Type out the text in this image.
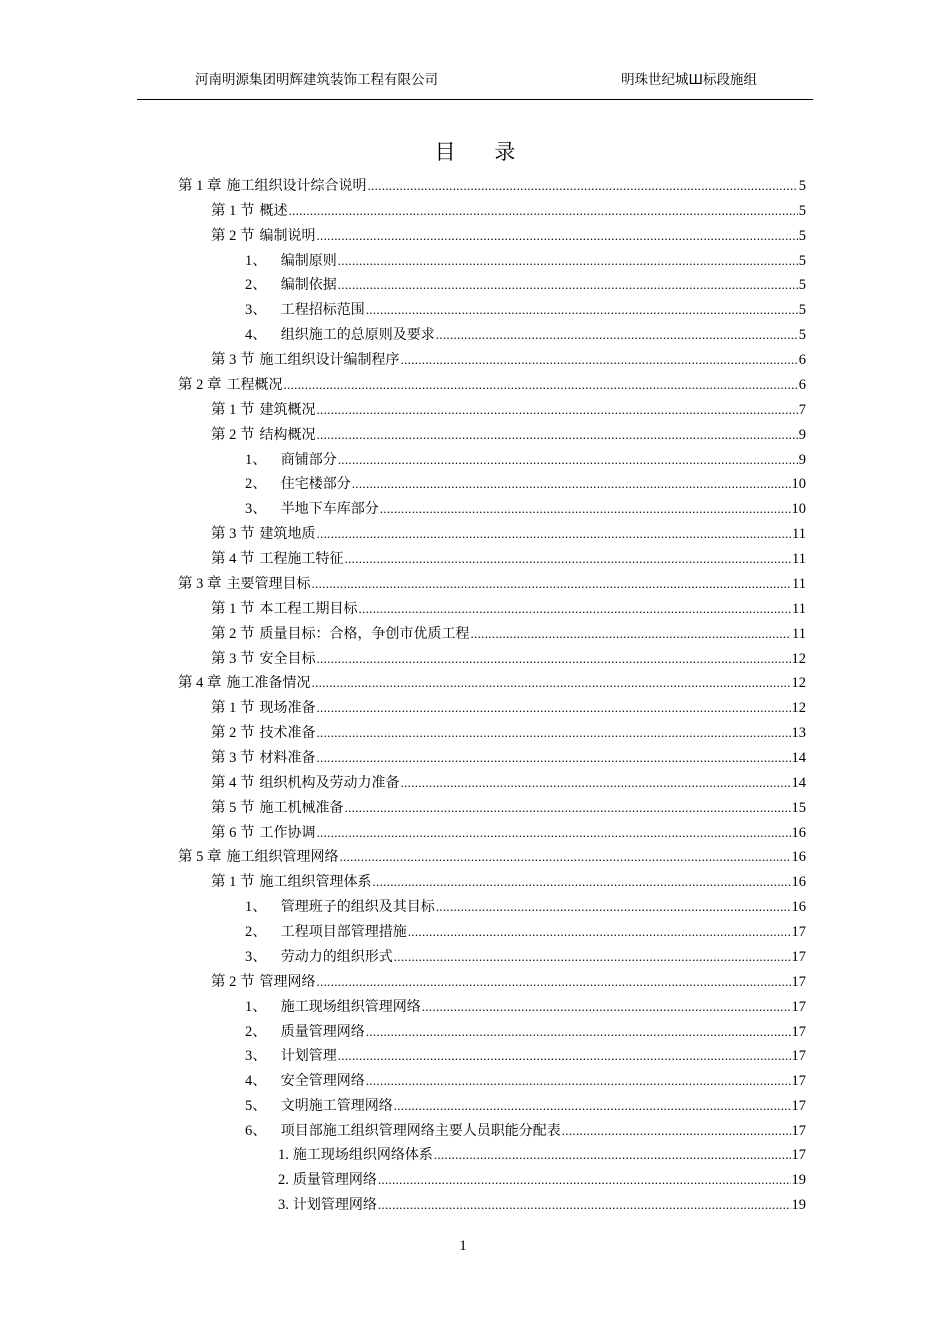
河南明源集团明辉建筑装饰工程有限公司	明珠世纪城Ш标段施组
目 录
第 1 章 施工组织设计综合说明 .....	5
第 1 节 概述 .....	5
第 2 节 编制说明 .....	5
1、 编制原则 .....	5
2、 编制依据 .....	5
3、 工程招标范围 .....	5
4、 组织施工的总原则及要求 .....	5
第 3 节 施工组织设计编制程序 .....	6
第 2 章 工程概况 .....	6
第 1 节 建筑概况 .....	7
第 2 节 结构概况 .....	9
1、 商铺部分 .....	9
2、 住宅楼部分 .....	10
3、 半地下车库部分 .....	10
第 3 节 建筑地质 .....	11
第 4 节 工程施工特征 .....	11
第 3 章 主要管理目标 .....	11
第 1 节 本工程工期目标 .....	11
第 2 节 质量目标：合格，争创市优质工程 .....	11
第 3 节 安全目标 .....	12
第 4 章 施工准备情况 .....	12
第 1 节 现场准备 .....	12
第 2 节 技术准备 .....	13
第 3 节 材料准备 .....	14
第 4 节 组织机构及劳动力准备 .....	14
第 5 节 施工机械准备 .....	15
第 6 节 工作协调 .....	16
第 5 章 施工组织管理网络 .....	16
第 1 节 施工组织管理体系 .....	16
1、 管理班子的组织及其目标 .....	16
2、 工程项目部管理措施 .....	17
3、 劳动力的组织形式 .....	17
第 2 节 管理网络 .....	17
1、 施工现场组织管理网络 .....	17
2、 质量管理网络 .....	17
3、 计划管理 .....	17
4、 安全管理网络 .....	17
5、 文明施工管理网络 .....	17
6、 项目部施工组织管理网络主要人员职能分配表 .....	17
1. 施工现场组织网络体系 .....	17
2. 质量管理网络 .....	19
3. 计划管理网络 .....	19
1
